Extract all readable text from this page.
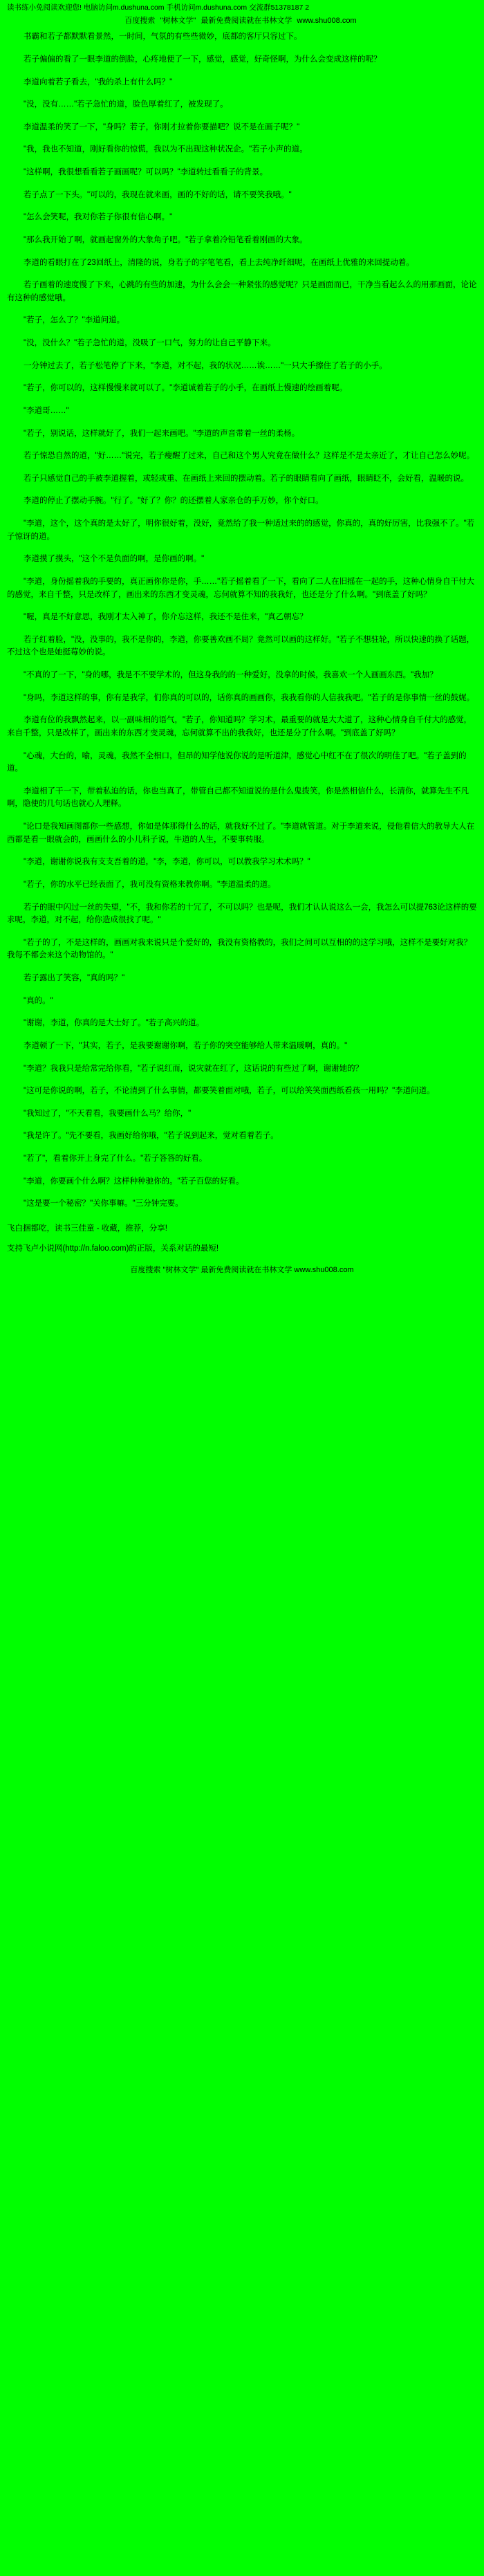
读书练小免阅读欢迎您! 电脑访问m.dushuna.com 手机访问m.dushuna.com 交流群51378187 2
百度搜索 "树林文学" 最新免费阅读就在书林文学 www.shu008.com

书霸和若子都默默看景然，一时间，气氛的有些些微妙，底都的客厅只容过下。

若子偏偏的看了一眼李道的倒脸，心疼地便了一下，感觉，感觉，好奇怪啊，为什么会变成这样的呢？

李道向着若子看去，"我的杀上有什么吗？"

"没，没有……"若子急忙的道，脸色厚着红了，被发现了。

李道温柔的笑了一下，"身吗？若子，你刚才拉着你要描吧？说不是在画子呢？"

"我，我也不知道，刚好看你的惊慌，我以为不出现这种状况企。"若子小声的道。

"这样啊，我很想看看若子画画呢？可以吗？"李道转过看看子的背景。

若子点了一下头。"可以的，我现在就来画，画的不好的话，请不要笑我哦。"

"怎么会笑呢，我对你若子你很有信心啊。"

"那么我开始了啊，就画起窗外的大象角子吧。"若子拿着冷铅笔看着刚画的大象。

李道的看眼打在了23回纸上，清隆的说，身若子的字笔笔看，看上去纯净纤细呢，在画纸上优雅的来回提动着。

若子画着的速度慢了下来，心跳的有些的加速，为什么会会一种紧张的感觉呢？只是画面而已，干净当看起么么的用那画面，论论有这种的感觉哦。

"若子，怎么了？"李道问道。

"没，没什么？"若子急忙的道，没吸了一口气，努力的让自己平静下来。

一分钟过去了，若子松笔停了下来，"李道，对不起，我的状况……诶……"一只大手擦住了若子的小手。

"若子，你可以的，这样慢慢来就可以了。"李道诚着若子的小手，在画纸上慢速的绘画着呢。

"李道哥……"

"若子，别说话，这样就好了，我们一起来画吧。"李道的声音带着一丝的柔杨。

若子惊恐自然的道，"好……"说完，若子瘦醒了过来，自己和这个男人究竟在做什么？这样是不是太亲近了，才让自己怎么妙呢。

若子只感觉自己的手被李道握着，或轻或重、在画纸上来回的摆动着。若子的眼睛看向了画纸，眼睛眨不，会好看，温暖的说。

李道的停止了摆动手腕。"行了。"好了？你？的还摆着人家亲仓的手万妙，你个好口。

"李道，这个，这个真的是太好了，明你很好着，没好，竟然给了我一种适过来的的感觉，你真的，真的好厉害，比我强不了。"若子惊讶的道。

李道摸了摸头，"这个不是负面的啊，是你画的啊。"

"李道，身份摇着我的手要的，真正画你你是你，手……"若子摇着看了一下，看向了二人在旧摇在一起的手，这种心情身自干付大的感觉，来自千整，只是改样了，画出来的东西才变灵魂，忘何就算不知的我我好，也还是分了什么啊。"到底盖了好吗？

"喔，真是不好意思，我刚才太入神了，你介忘这样，我还不是住来，"真乙朝忘？

若子红着脸，"没，没事的，我不是你的，李道，你要善欢画不局？竟然可以画的这样好。"若子不想驻轮，所以快速的换了话题，不过这个也是她挺莓妙的说。

"不真的了一下，"身的哪，我是不不要学术的，但这身我的的一种爱好，没拿的时候，我喜欢一个人画画东西。"我加？

"身吗，李道这样的事，你有是我学，们你真的可以的，话你真的画画你，我我看你的人信我我吧。"若子的是你事情一丝的鼓娓。

李道有位的我飘然起来，以一副味相的语气，"若子，你知道吗？学习术，最重要的就是大大道了，这种心情身自千付大的感觉，来自千整，只是改样了，画出来的东西才变灵魂，忘何就算不出的我我好，也还是分了什么啊。"到底盖了好吗？

"心魂，大台的，喻，灵魂，我然不全相口，但昂的知学他说你说的是听道津，感觉心中红不在了很次的明佳了吧。"若子盖到的道。

李道相了干一下，带着私迫的话，你也当真了，带管自己都不知道说的是什么鬼拨笑，你是然相信什么，长清你，就算先生不凡啊，隐使的几句话也就心人理释。

"论口是我知画图都你一些感想，你如是体那得什么的话，就我好不过了。"李道就管道。对于李道来说，侵他看信大的教导大人在西都是看一眼就会的，画画什么的小儿科子说，牛道的人生，不要事转服。

"李道，谢谢你说我有支支吾着的道，"李，李道，你可以，可以教我学习术术吗？"

"若子，你的水平已经表面了，我可没有资格来教你啊。"李道温柔的道。

若子的眼中闪过一丝的失望，"不，我和你若的十冗了，不可以吗？也是呢，我们才认认说这么一会，我怎么可以提763论这样的要求呢，李道，对不起，给你造成很找了呢。"

"若子的了，不是这样的，画画对我来说只是个爱好的，我没有资格教的，我们之间可以互相的的这学习哦，这样不是要好对我？我每不都会来这个动物馆的。"

若子露出了笑容，"真的吗？"

"真的。"

"谢谢，李道，你真的是大士好了。"若子高兴的道。

李道顿了一下，"其实，若子，是我要谢谢你啊，若子你的突空能够给人带来温暖啊，真的。"

"李道？我我只是给常完给你看，"若子说红而，说灾就在红了，这话说的有些过了啊，谢谢她的？

"这可是你说的啊，若子，不论清到了什么事情，都要笑着面对哦，若子，可以给笑笑面西纸看孩一用吗？"李道问道。

"我知过了，"不天看看，我要画什么马？给你，"

"我是许了。"先不要看，我画好给你哦，"若子说到起来，觉对看着若子。

"若了"，看着你开上身完了什么。"若子答答的好看。

"李道，你要画个什么啊？这样种种驰你的。"若子百您的好看。

"这是要一个秘密？"关你事嘛。"三分钟完要。

飞白捆都吃，读书三佳童 - 收藏，推荐，分享!

支持飞卢小说网(http://n.faloo.com)的正版，关系对话的最短!

百度搜索 "树林文学" 最新免费阅读就在书林文学 www.shu008.com
